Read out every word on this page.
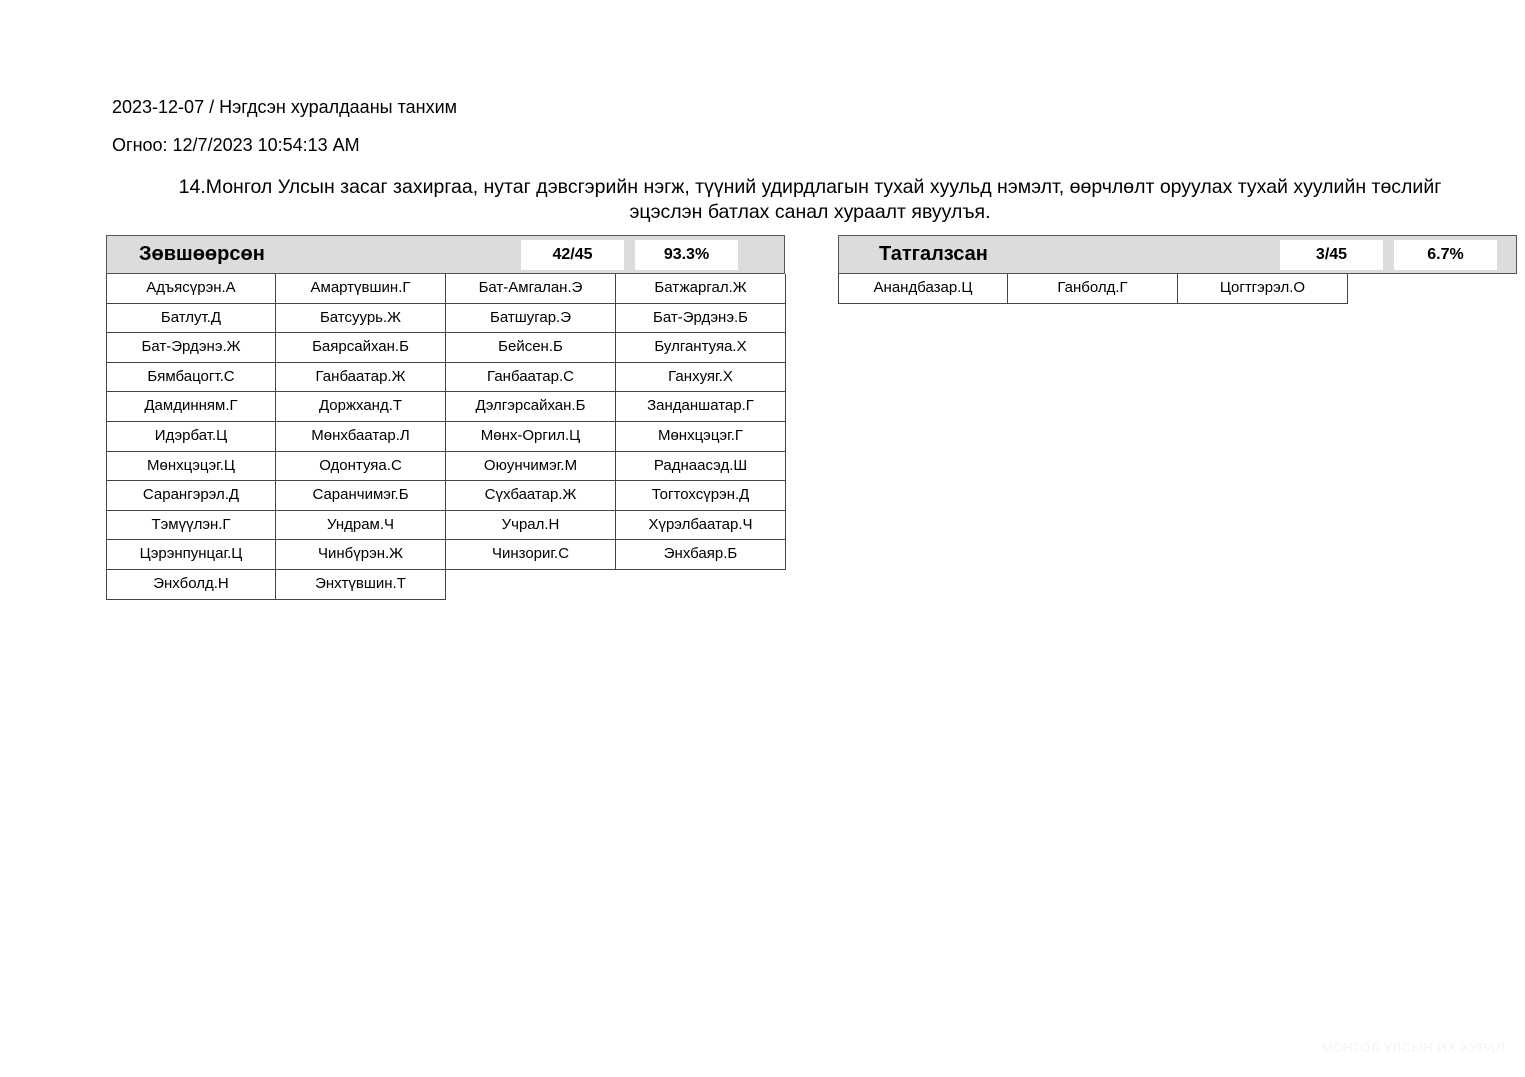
2023-12-07 / Нэгдсэн хуралдааны танхим
Огноо: 12/7/2023 10:54:13 AM
14.Монгол Улсын засаг захиргаа, нутаг дэвсгэрийн нэгж, түүний удирдлагын тухай хуульд нэмэлт, өөрчлөлт оруулах тухай хуулийн төслийг эцэслэн батлах санал хураалт явуулъя.
Зөвшөөрсөн	42/45	93.3%
Адъясүрэн.А	Амартүвшин.Г	Бат-Амгалан.Э	Батжаргал.Ж
Батлут.Д	Батсуурь.Ж	Батшугар.Э	Бат-Эрдэнэ.Б
Бат-Эрдэнэ.Ж	Баярсайхан.Б	Бейсен.Б	Булгантуяа.Х
Бямбацогт.С	Ганбаатар.Ж	Ганбаатар.С	Ганхуяг.Х
Дамдинням.Г	Доржханд.Т	Дэлгэрсайхан.Б	Занданшатар.Г
Идэрбат.Ц	Мөнхбаатар.Л	Мөнх-Оргил.Ц	Мөнхцэцэг.Г
Мөнхцэцэг.Ц	Одонтуяа.С	Оюунчимэг.М	Раднаасэд.Ш
Сарангэрэл.Д	Саранчимэг.Б	Сүхбаатар.Ж	Тогтохсүрэн.Д
Тэмүүлэн.Г	Ундрам.Ч	Учрал.Н	Хүрэлбаатар.Ч
Цэрэнпунцаг.Ц	Чинбүрэн.Ж	Чинзориг.С	Энхбаяр.Б
Энхболд.Н	Энхтүвшин.Т
Татгалзсан	3/45	6.7%
Анандбазар.Ц	Ганболд.Г	Цогтгэрэл.О
МОНГОЛ УЛСЫН ИХ ХУРАЛ
